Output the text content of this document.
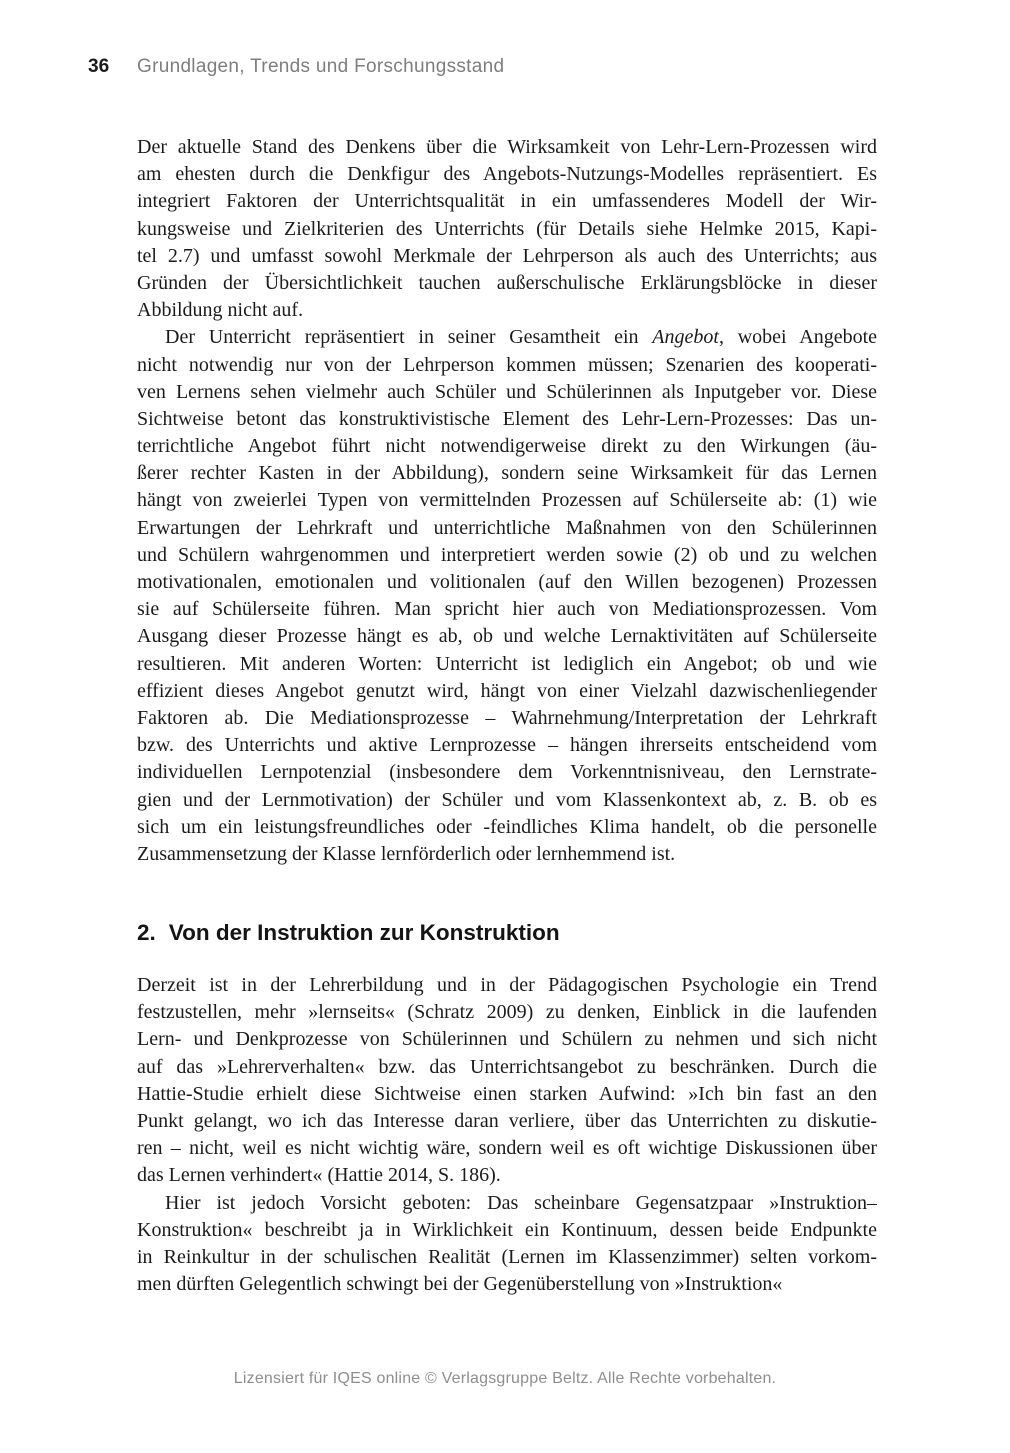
36 Grundlagen, Trends und Forschungsstand

Der aktuelle Stand des Denkens über die Wirksamkeit von Lehr-Lern-Prozessen wird
am ehesten durch die Denkfigur des Angebots-Nutzungs-Modelles repräsentiert. Es
integriert Faktoren der Unterrichtsqualität in ein umfassenderes Modell der Wir-
kungsweise und Zielkriterien des Unterrichts (für Details siehe Helmke 2015, Kapi-
tel 2.7) und umfasst sowohl Merkmale der Lehrperson als auch des Unterrichts; aus
Gründen der Übersichtlichkeit tauchen außerschulische Erklärungsblöcke in dieser
Abbildung nicht auf.

Der Unterricht repräsentiert in seiner Gesamtheit ein Angebot, wobei Angebote
nicht notwendig nur von der Lehrperson kommen müssen; Szenarien des kooperati-
ven Lernens sehen vielmehr auch Schüler und Schülerinnen als Inputgeber vor. Diese
Sichtweise betont das konstruktivistische Element des Lehr-Lern-Prozesses: Das un-
terrichtliche Angebot führt nicht notwendigerweise direkt zu den Wirkungen (äu-
ßerer rechter Kasten in der Abbildung), sondern seine Wirksamkeit für das Lernen
hängt von zweierlei Typen von vermittelnden Prozessen auf Schülerseite ab: (1) wie
Erwartungen der Lehrkraft und unterrichtliche Maßnahmen von den Schülerinnen
und Schülern wahrgenommen und interpretiert werden sowie (2) ob und zu welchen
motivationalen, emotionalen und volitionalen (auf den Willen bezogenen) Prozessen
sie auf Schülerseite führen. Man spricht hier auch von Mediationsprozessen. Vom
Ausgang dieser Prozesse hängt es ab, ob und welche Lernaktivitäten auf Schülerseite
resultieren. Mit anderen Worten: Unterricht ist lediglich ein Angebot; ob und wie
effizient dieses Angebot genutzt wird, hängt von einer Vielzahl dazwischenliegender
Faktoren ab. Die Mediationsprozesse – Wahrnehmung/Interpretation der Lehrkraft
bzw. des Unterrichts und aktive Lernprozesse – hängen ihrerseits entscheidend vom
individuellen Lernpotenzial (insbesondere dem Vorkenntnisniveau, den Lernstrate-
gien und der Lernmotivation) der Schüler und vom Klassenkontext ab, z. B. ob es
sich um ein leistungsfreundliches oder -feindliches Klima handelt, ob die personelle
Zusammensetzung der Klasse lernförderlich oder lernhemmend ist.

2. Von der Instruktion zur Konstruktion

Derzeit ist in der Lehrerbildung und in der Pädagogischen Psychologie ein Trend
festzustellen, mehr »lernseits« (Schratz 2009) zu denken, Einblick in die laufenden
Lern- und Denkprozesse von Schülerinnen und Schülern zu nehmen und sich nicht
auf das »Lehrerverhalten« bzw. das Unterrichtsangebot zu beschränken. Durch die
Hattie-Studie erhielt diese Sichtweise einen starken Aufwind: »Ich bin fast an den
Punkt gelangt, wo ich das Interesse daran verliere, über das Unterrichten zu diskutie-
ren – nicht, weil es nicht wichtig wäre, sondern weil es oft wichtige Diskussionen über
das Lernen verhindert« (Hattie 2014, S. 186).

Hier ist jedoch Vorsicht geboten: Das scheinbare Gegensatzpaar »Instruktion–
Konstruktion« beschreibt ja in Wirklichkeit ein Kontinuum, dessen beide Endpunkte
in Reinkultur in der schulischen Realität (Lernen im Klassenzimmer) selten vorkom-
men dürften Gelegentlich schwingt bei der Gegenüberstellung von »Instruktion«

Lizensiert für IQES online © Verlagsgruppe Beltz. Alle Rechte vorbehalten.
